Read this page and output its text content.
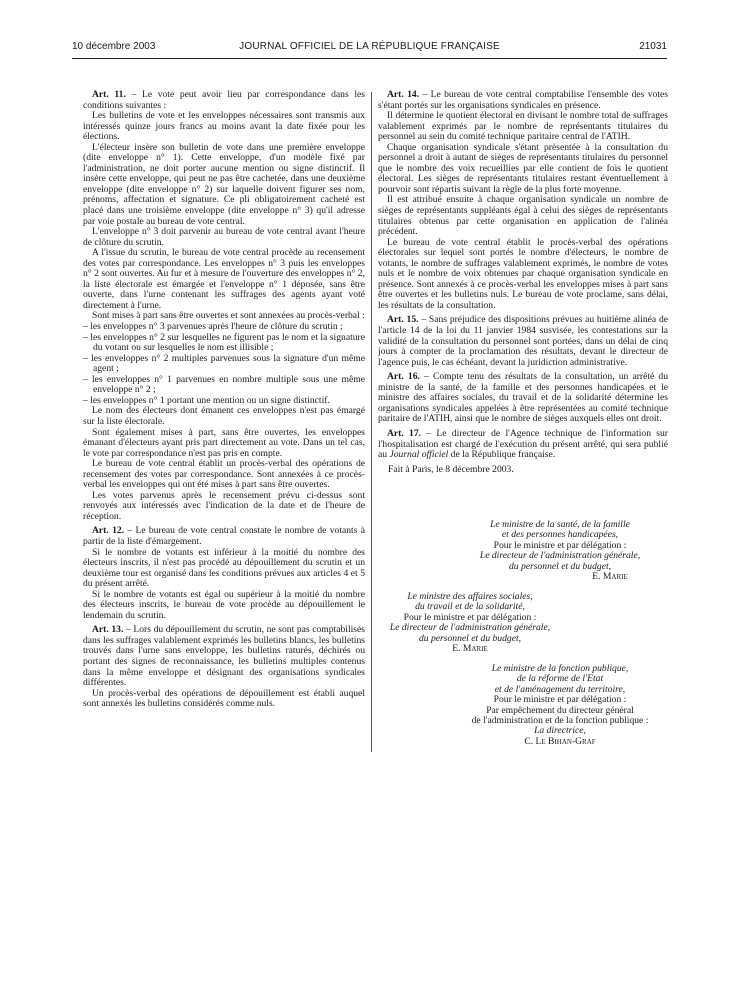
10 décembre 2003	JOURNAL OFFICIEL DE LA RÉPUBLIQUE FRANÇAISE	21031

Art. 11. – Le vote peut avoir lieu par correspondance dans les conditions suivantes :

Les bulletins de vote et les enveloppes nécessaires sont transmis aux intéressés quinze jours francs au moins avant la date fixée pour les élections.

L'électeur insère son bulletin de vote dans une première enveloppe (dite enveloppe n° 1). Cette enveloppe, d'un modèle fixé par l'administration, ne doit porter aucune mention ou signe distinctif. Il insère cette enveloppe, qui peut ne pas être cachetée, dans une deuxième enveloppe (dite enveloppe n° 2) sur laquelle doivent figurer ses nom, prénoms, affectation et signature. Ce pli obligatoirement cacheté est placé dans une troisième enveloppe (dite enveloppe n° 3) qu'il adresse par voie postale au bureau de vote central.

L'enveloppe n° 3 doit parvenir au bureau de vote central avant l'heure de clôture du scrutin.

A l'issue du scrutin, le bureau de vote central procède au recensement des votes par correspondance. Les enveloppes n° 3 puis les enveloppes n° 2 sont ouvertes. Au fur et à mesure de l'ouverture des enveloppes n° 2, la liste électorale est émargée et l'enveloppe n° 1 déposée, sans être ouverte, dans l'urne contenant les suffrages des agents ayant voté directement à l'urne.

Sont mises à part sans être ouvertes et sont annexées au procès-verbal :

– les enveloppes n° 3 parvenues après l'heure de clôture du scrutin ;
– les enveloppes n° 2 sur lesquelles ne figurent pas le nom et la signature du votant ou sur lesquelles le nom est illisible ;
– les enveloppes n° 2 multiples parvenues sous la signature d'un même agent ;
– les enveloppes n° 1 parvenues en nombre multiple sous une même enveloppe n° 2 ;
– les enveloppes n° 1 portant une mention ou un signe distinctif.

Le nom des électeurs dont émanent ces enveloppes n'est pas émargé sur la liste électorale.

Sont également mises à part, sans être ouvertes, les enveloppes émanant d'électeurs ayant pris part directement au vote. Dans un tel cas, le vote par correspondance n'est pas pris en compte.

Le bureau de vote central établit un procès-verbal des opérations de recensement des votes par correspondance. Sont annexées à ce procès-verbal les enveloppes qui ont été mises à part sans être ouvertes.

Les votes parvenus après le recensement prévu ci-dessus sont renvoyés aux intéressés avec l'indication de la date et de l'heure de réception.

Art. 12. – Le bureau de vote central constate le nombre de votants à partir de la liste d'émargement.

Si le nombre de votants est inférieur à la moitié du nombre des électeurs inscrits, il n'est pas procédé au dépouillement du scrutin et un deuxième tour est organisé dans les conditions prévues aux articles 4 et 5 du présent arrêté.

Si le nombre de votants est égal ou supérieur à la moitié du nombre des électeurs inscrits, le bureau de vote procède au dépouillement le lendemain du scrutin.

Art. 13. – Lors du dépouillement du scrutin, ne sont pas comptabilisés dans les suffrages valablement exprimés les bulletins blancs, les bulletins trouvés dans l'urne sans enveloppe, les bulletins raturés, déchirés ou portant des signes de reconnaissance, les bulletins multiples contenus dans la même enveloppe et désignant des organisations syndicales différentes.

Un procès-verbal des opérations de dépouillement est établi auquel sont annexés les bulletins considérés comme nuls.

Art. 14. – Le bureau de vote central comptabilise l'ensemble des votes s'étant portés sur les organisations syndicales en présence.

Il détermine le quotient électoral en divisant le nombre total de suffrages valablement exprimés par le nombre de représentants titulaires du personnel au sein du comité technique paritaire central de l'ATIH.

Chaque organisation syndicale s'étant présentée à la consultation du personnel a droit à autant de sièges de représentants titulaires du personnel que le nombre des voix recueillies par elle contient de fois le quotient électoral. Les sièges de représentants titulaires restant éventuellement à pourvoir sont répartis suivant la règle de la plus forte moyenne.

Il est attribué ensuite à chaque organisation syndicale un nombre de sièges de représentants suppléants égal à celui des sièges de représentants titulaires obtenus par cette organisation en application de l'alinéa précédent.

Le bureau de vote central établit le procès-verbal des opérations électorales sur lequel sont portés le nombre d'électeurs, le nombre de votants, le nombre de suffrages valablement exprimés, le nombre de votes nuls et le nombre de voix obtenues par chaque organisation syndicale en présence. Sont annexés à ce procès-verbal les enveloppes mises à part sans être ouvertes et les bulletins nuls. Le bureau de vote proclame, sans délai, les résultats de la consultation.

Art. 15. – Sans préjudice des dispositions prévues au huitième alinéa de l'article 14 de la loi du 11 janvier 1984 susvisée, les contestations sur la validité de la consultation du personnel sont portées, dans un délai de cinq jours à compter de la proclamation des résultats, devant le directeur de l'agence puis, le cas échéant, devant la juridiction administrative.

Art. 16. – Compte tenu des résultats de la consultation, un arrêté du ministre de la santé, de la famille et des personnes handicapées et le ministre des affaires sociales, du travail et de la solidarité détermine les organisations syndicales appelées à être représentées au comité technique paritaire de l'ATIH, ainsi que le nombre de sièges auxquels elles ont droit.

Art. 17. – Le directeur de l'Agence technique de l'information sur l'hospitalisation est chargé de l'exécution du présent arrêté, qui sera publié au Journal officiel de la République française.

Fait à Paris, le 8 décembre 2003.

Le ministre de la santé, de la famille
et des personnes handicapées,
Pour le ministre et par délégation :
Le directeur de l'administration générale,
du personnel et du budget,
E. Marie
Le ministre des affaires sociales,
du travail et de la solidarité,
Pour le ministre et par délégation :
Le directeur de l'administration générale,
du personnel et du budget,
E. Marie
Le ministre de la fonction publique,
de la réforme de l'Etat
et de l'aménagement du territoire,
Pour le ministre et par délégation :
Par empêchement du directeur général
de l'administration et de la fonction publique :
La directrice,
C. Le Bihan-Graf
